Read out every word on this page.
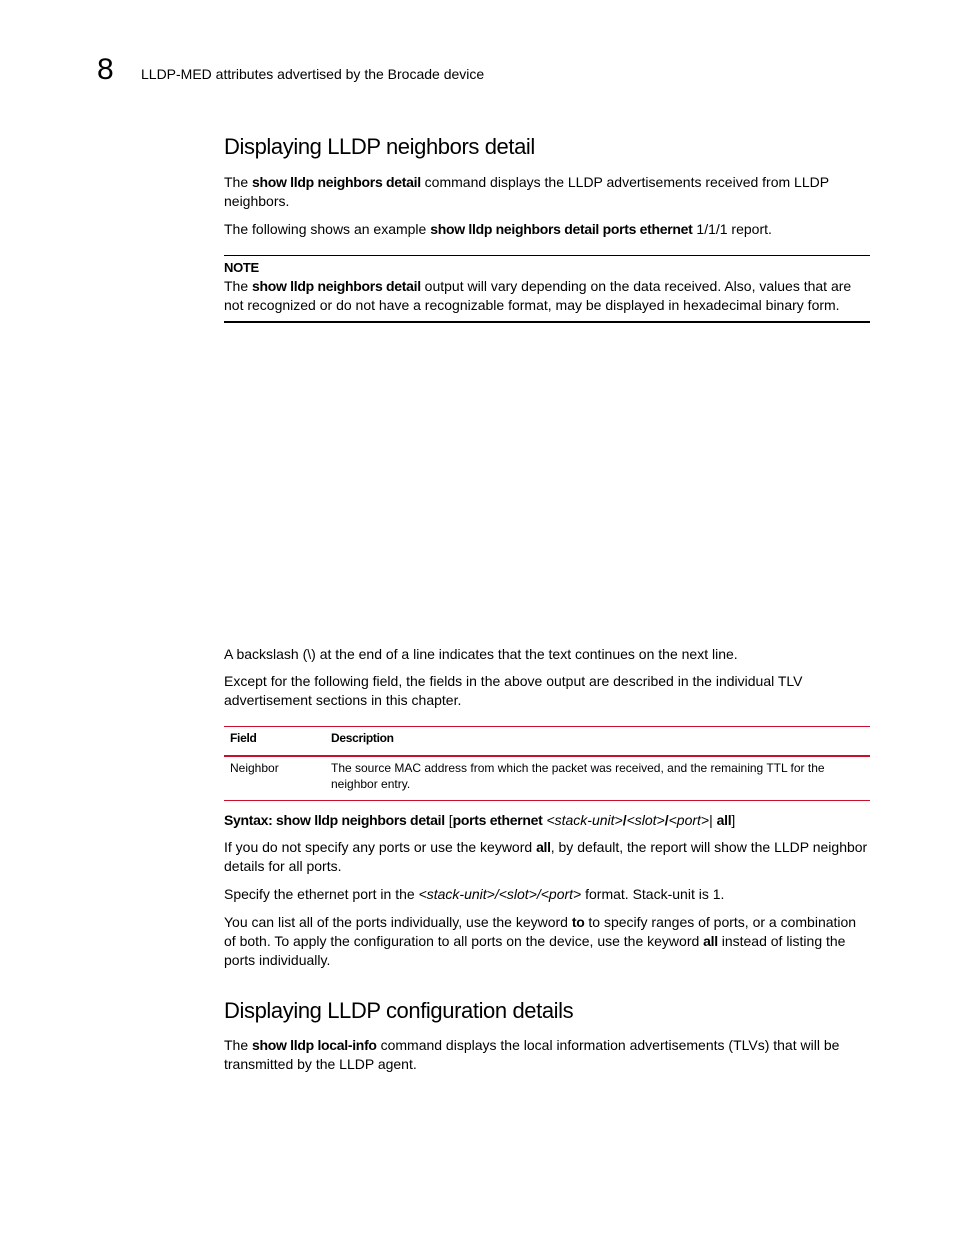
8 LLDP-MED attributes advertised by the Brocade device
Displaying LLDP neighbors detail

The show lldp neighbors detail command displays the LLDP advertisements received from LLDP neighbors.

The following shows an example show lldp neighbors detail ports ethernet 1/1/1 report.

NOTE

The show lldp neighbors detail output will vary depending on the data received. Also, values that are not recognized or do not have a recognizable format, may be displayed in hexadecimal binary form.

A backslash (\) at the end of a line indicates that the text continues on the next line.

Except for the following field, the fields in the above output are described in the individual TLV advertisement sections in this chapter.

Field	Description
Neighbor	The source MAC address from which the packet was received, and the remaining TTL for the neighbor entry.

Syntax: show lldp neighbors detail [ports ethernet <stack-unit>/<slot>/<port>| all]

If you do not specify any ports or use the keyword all, by default, the report will show the LLDP neighbor details for all ports.

Specify the ethernet port in the <stack-unit>/<slot>/<port> format. Stack-unit is 1.

You can list all of the ports individually, use the keyword to to specify ranges of ports, or a combination of both. To apply the configuration to all ports on the device, use the keyword all instead of listing the ports individually.

Displaying LLDP configuration details

The show lldp local-info command displays the local information advertisements (TLVs) that will be transmitted by the LLDP agent.
